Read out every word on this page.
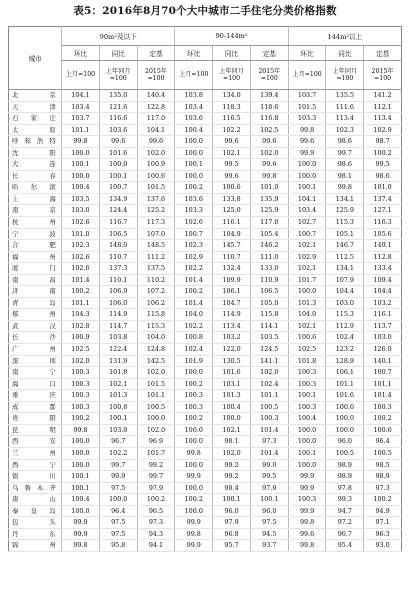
表5：2016年8月70个大中城市二手住宅分类价格指数
城市	90m²及以下			90-144m²			144m²以上		
	环比	同比	定基	环比	同比	定基	环比	同比	定基
	上月=100	上年同月=100	2015年=100	上月=100	上年同月=100	2015年=100	上月=100	上年同月=100	2015年=100
北京	104.1	135.0	140.4	103.8	134.0	139.4	103.7	135.5	141.2
天津	103.4	121.6	122.8	103.4	118.3	118.6	101.5	111.6	112.1
石家庄	103.7	116.6	117.0	103.6	116.5	116.8	103.3	113.4	113.4
太原	101.1	103.6	104.1	100.4	102.2	102.5	99.8	102.3	102.9
呼和浩特	99.8	99.6	99.6	100.0	99.6	99.6	99.6	98.6	98.7
沈阳	100.0	101.6	102.0	100.0	102.1	102.0	99.9	99.7	100.2
大连	100.1	100.0	100.9	100.1	99.5	99.6	100.0	98.6	99.5
长春	100.0	100.1	100.6	100.0	99.6	99.8	100.0	98.1	98.6
哈尔滨	100.4	100.7	101.5	100.2	100.6	101.0	100.1	99.8	101.0
上海	103.5	134.9	137.6	103.6	133.8	135.9	104.1	134.1	137.4
南京	103.0	124.4	125.2	103.3	125.0	125.9	103.4	125.9	127.1
杭州	102.6	116.7	117.3	102.6	116.1	117.0	102.7	115.3	116.3
宁波	101.0	106.5	107.0	100.7	104.9	105.4	100.7	105.1	105.6
合肥	102.3	148.0	148.5	102.3	145.7	146.2	102.1	146.7	149.1
福州	102.6	110.7	111.2	102.9	110.7	111.0	102.9	112.5	112.8
厦门	102.6	137.3	137.5	102.2	132.4	133.0	102.1	134.1	133.4
南昌	101.4	110.1	110.2	101.4	109.9	110.9	101.7	107.9	109.4
济南	100.2	106.9	107.2	100.2	106.1	106.5	100.0	104.4	104.4
青岛	101.1	106.0	106.2	101.4	104.7	105.0	101.3	103.0	103.2
郑州	104.3	114.9	115.8	104.0	114.9	115.8	104.0	115.3	116.1
武汉	102.8	114.7	115.3	102.2	113.4	114.1	102.1	112.9	113.7
长沙	100.9	103.8	104.0	100.8	103.2	103.5	100.6	102.4	103.0
广州	102.5	122.4	124.8	102.4	122.0	124.5	102.5	123.2	126.0
深圳	102.0	131.9	142.5	101.9	130.5	141.1	101.8	128.9	140.1
南宁	100.3	101.8	102.0	100.0	101.6	102.0	100.3	106.1	100.7
海口	100.3	102.1	101.5	100.2	103.1	102.4	100.3	101.1	101.1
重庆	100.3	101.3	101.1	100.3	101.3	101.1	100.1	101.6	101.4
成都	100.3	100.8	100.5	100.3	100.4	100.5	100.3	100.6	100.3
贵阳	100.2	100.1	100.0	100.2	100.0	100.3	100.4	100.0	100.2
昆明	99.8	103.0	102.0	100.0	102.1	101.4	100.0	100.0	100.0
西安	100.0	96.7	96.9	100.0	98.1	97.3	100.0	96.0	96.4
兰州	100.0	102.2	101.7	99.8	102.0	101.4	100.1	100.5	100.5
西宁	100.0	99.7	99.2	100.0	99.2	99.0	100.0	98.9	98.5
银川	100.1	99.9	99.7	99.9	99.2	99.5	99.9	98.9	98.9
乌鲁木齐	100.1	97.5	97.9	100.0	98.4	97.9	99.9	97.8	97.3
唐山	100.4	100.0	100.2	100.2	100.1	100.1	100.3	99.3	100.2
秦皇岛	100.0	96.4	96.5	100.0	96.0	96.0	99.9	94.7	94.9
包头	99.9	97.5	97.3	99.9	97.9	97.5	99.8	97.2	97.1
丹东	99.9	97.5	94.3	99.8	96.8	94.5	99.6	96.7	96.3
锦州	99.8	95.8	94.1	99.9	95.7	93.7	99.8	95.4	93.0
